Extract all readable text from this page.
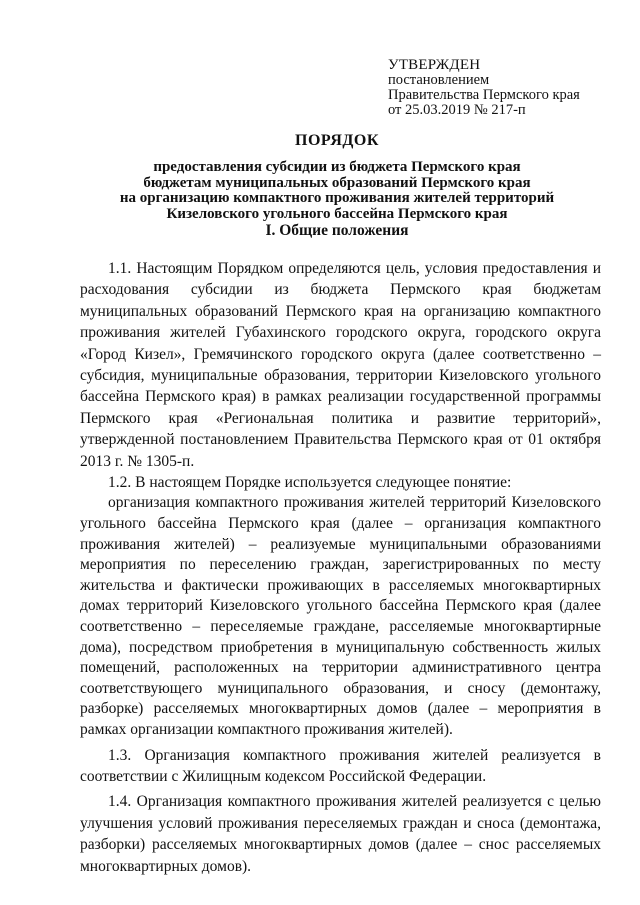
УТВЕРЖДЕН
постановлением
Правительства Пермского края
от 25.03.2019 № 217-п
ПОРЯДОК
предоставления субсидии из бюджета Пермского края
бюджетам муниципальных образований Пермского края
на организацию компактного проживания жителей территорий
Кизеловского угольного бассейна Пермского края
I. Общие положения

1.1. Настоящим Порядком определяются цель, условия предоставления и расходования субсидии из бюджета Пермского края бюджетам муниципальных образований Пермского края на организацию компактного проживания жителей Губахинского городского округа, городского округа «Город Кизел», Гремячинского городского округа (далее соответственно – субсидия, муниципальные образования, территории Кизеловского угольного бассейна Пермского края) в рамках реализации государственной программы Пермского края «Региональная политика и развитие территорий», утвержденной постановлением Правительства Пермского края от 01 октября 2013 г. № 1305-п.

1.2. В настоящем Порядке используется следующее понятие:

организация компактного проживания жителей территорий Кизеловского угольного бассейна Пермского края (далее – организация компактного проживания жителей) – реализуемые муниципальными образованиями мероприятия по переселению граждан, зарегистрированных по месту жительства и фактически проживающих в расселяемых многоквартирных домах территорий Кизеловского угольного бассейна Пермского края (далее соответственно – переселяемые граждане, расселяемые многоквартирные дома), посредством приобретения в муниципальную собственность жилых помещений, расположенных на территории административного центра соответствующего муниципального образования, и сносу (демонтажу, разборке) расселяемых многоквартирных домов (далее – мероприятия в рамках организации компактного проживания жителей).

1.3. Организация компактного проживания жителей реализуется в соответствии с Жилищным кодексом Российской Федерации.

1.4. Организация компактного проживания жителей реализуется с целью улучшения условий проживания переселяемых граждан и сноса (демонтажа, разборки) расселяемых многоквартирных домов (далее – снос расселяемых многоквартирных домов).
